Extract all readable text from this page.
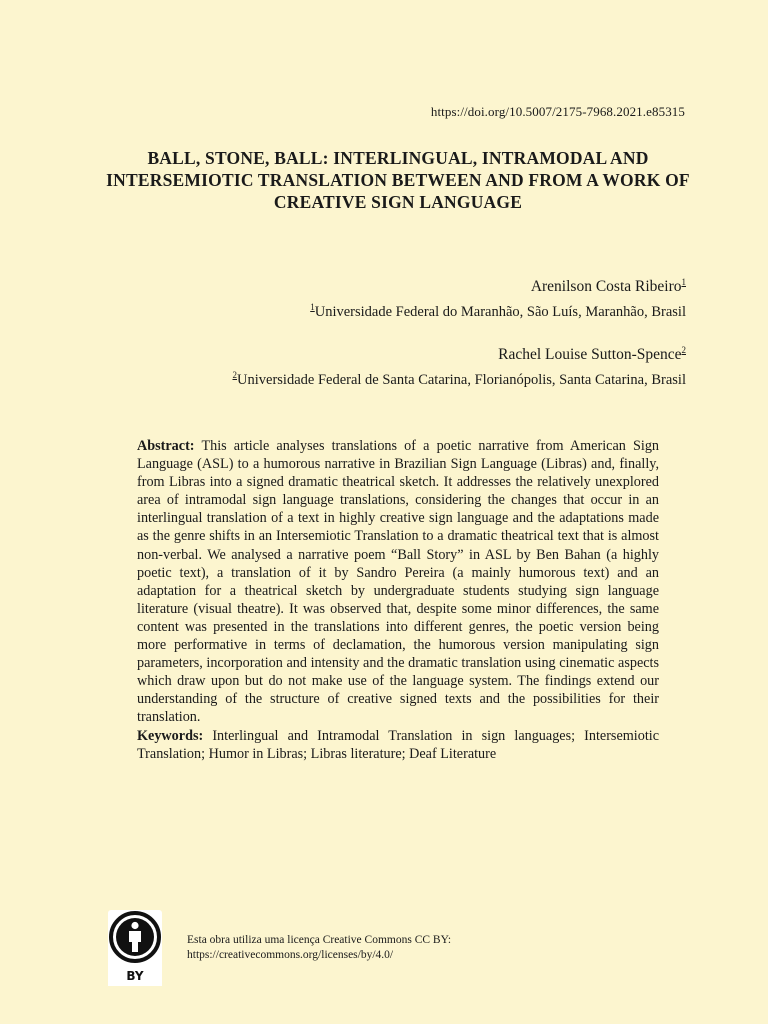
https://doi.org/10.5007/2175-7968.2021.e85315
BALL, STONE, BALL: INTERLINGUAL, INTRAMODAL AND INTERSEMIOTIC TRANSLATION BETWEEN AND FROM A WORK OF CREATIVE SIGN LANGUAGE
Arenilson Costa Ribeiro$^1$
$^1$Universidade Federal do Maranhão, São Luís, Maranhão, Brasil
Rachel Louise Sutton-Spence$^2$
$^2$Universidade Federal de Santa Catarina, Florianópolis, Santa Catarina, Brasil

Abstract: This article analyses translations of a poetic narrative from American Sign Language (ASL) to a humorous narrative in Brazilian Sign Language (Libras) and, finally, from Libras into a signed dramatic theatrical sketch. It addresses the relatively unexplored area of intramodal sign language translations, considering the changes that occur in an interlingual translation of a text in highly creative sign language and the adaptations made as the genre shifts in an Intersemiotic Translation to a dramatic theatrical text that is almost non-verbal. We analysed a narrative poem “Ball Story” in ASL by Ben Bahan (a highly poetic text), a translation of it by Sandro Pereira (a mainly humorous text) and an adaptation for a theatrical sketch by undergraduate students studying sign language literature (visual theatre). It was observed that, despite some minor differences, the same content was presented in the translations into different genres, the poetic version being more performative in terms of declamation, the humorous version manipulating sign parameters, incorporation and intensity and the dramatic translation using cinematic aspects which draw upon but do not make use of the language system. The findings extend our understanding of the structure of creative signed texts and the possibilities for their translation.

Keywords: Interlingual and Intramodal Translation in sign languages; Intersemiotic Translation; Humor in Libras; Libras literature; Deaf Literature

BY
Esta obra utiliza uma licença Creative Commons CC BY:
https://creativecommons.org/licenses/by/4.0/
